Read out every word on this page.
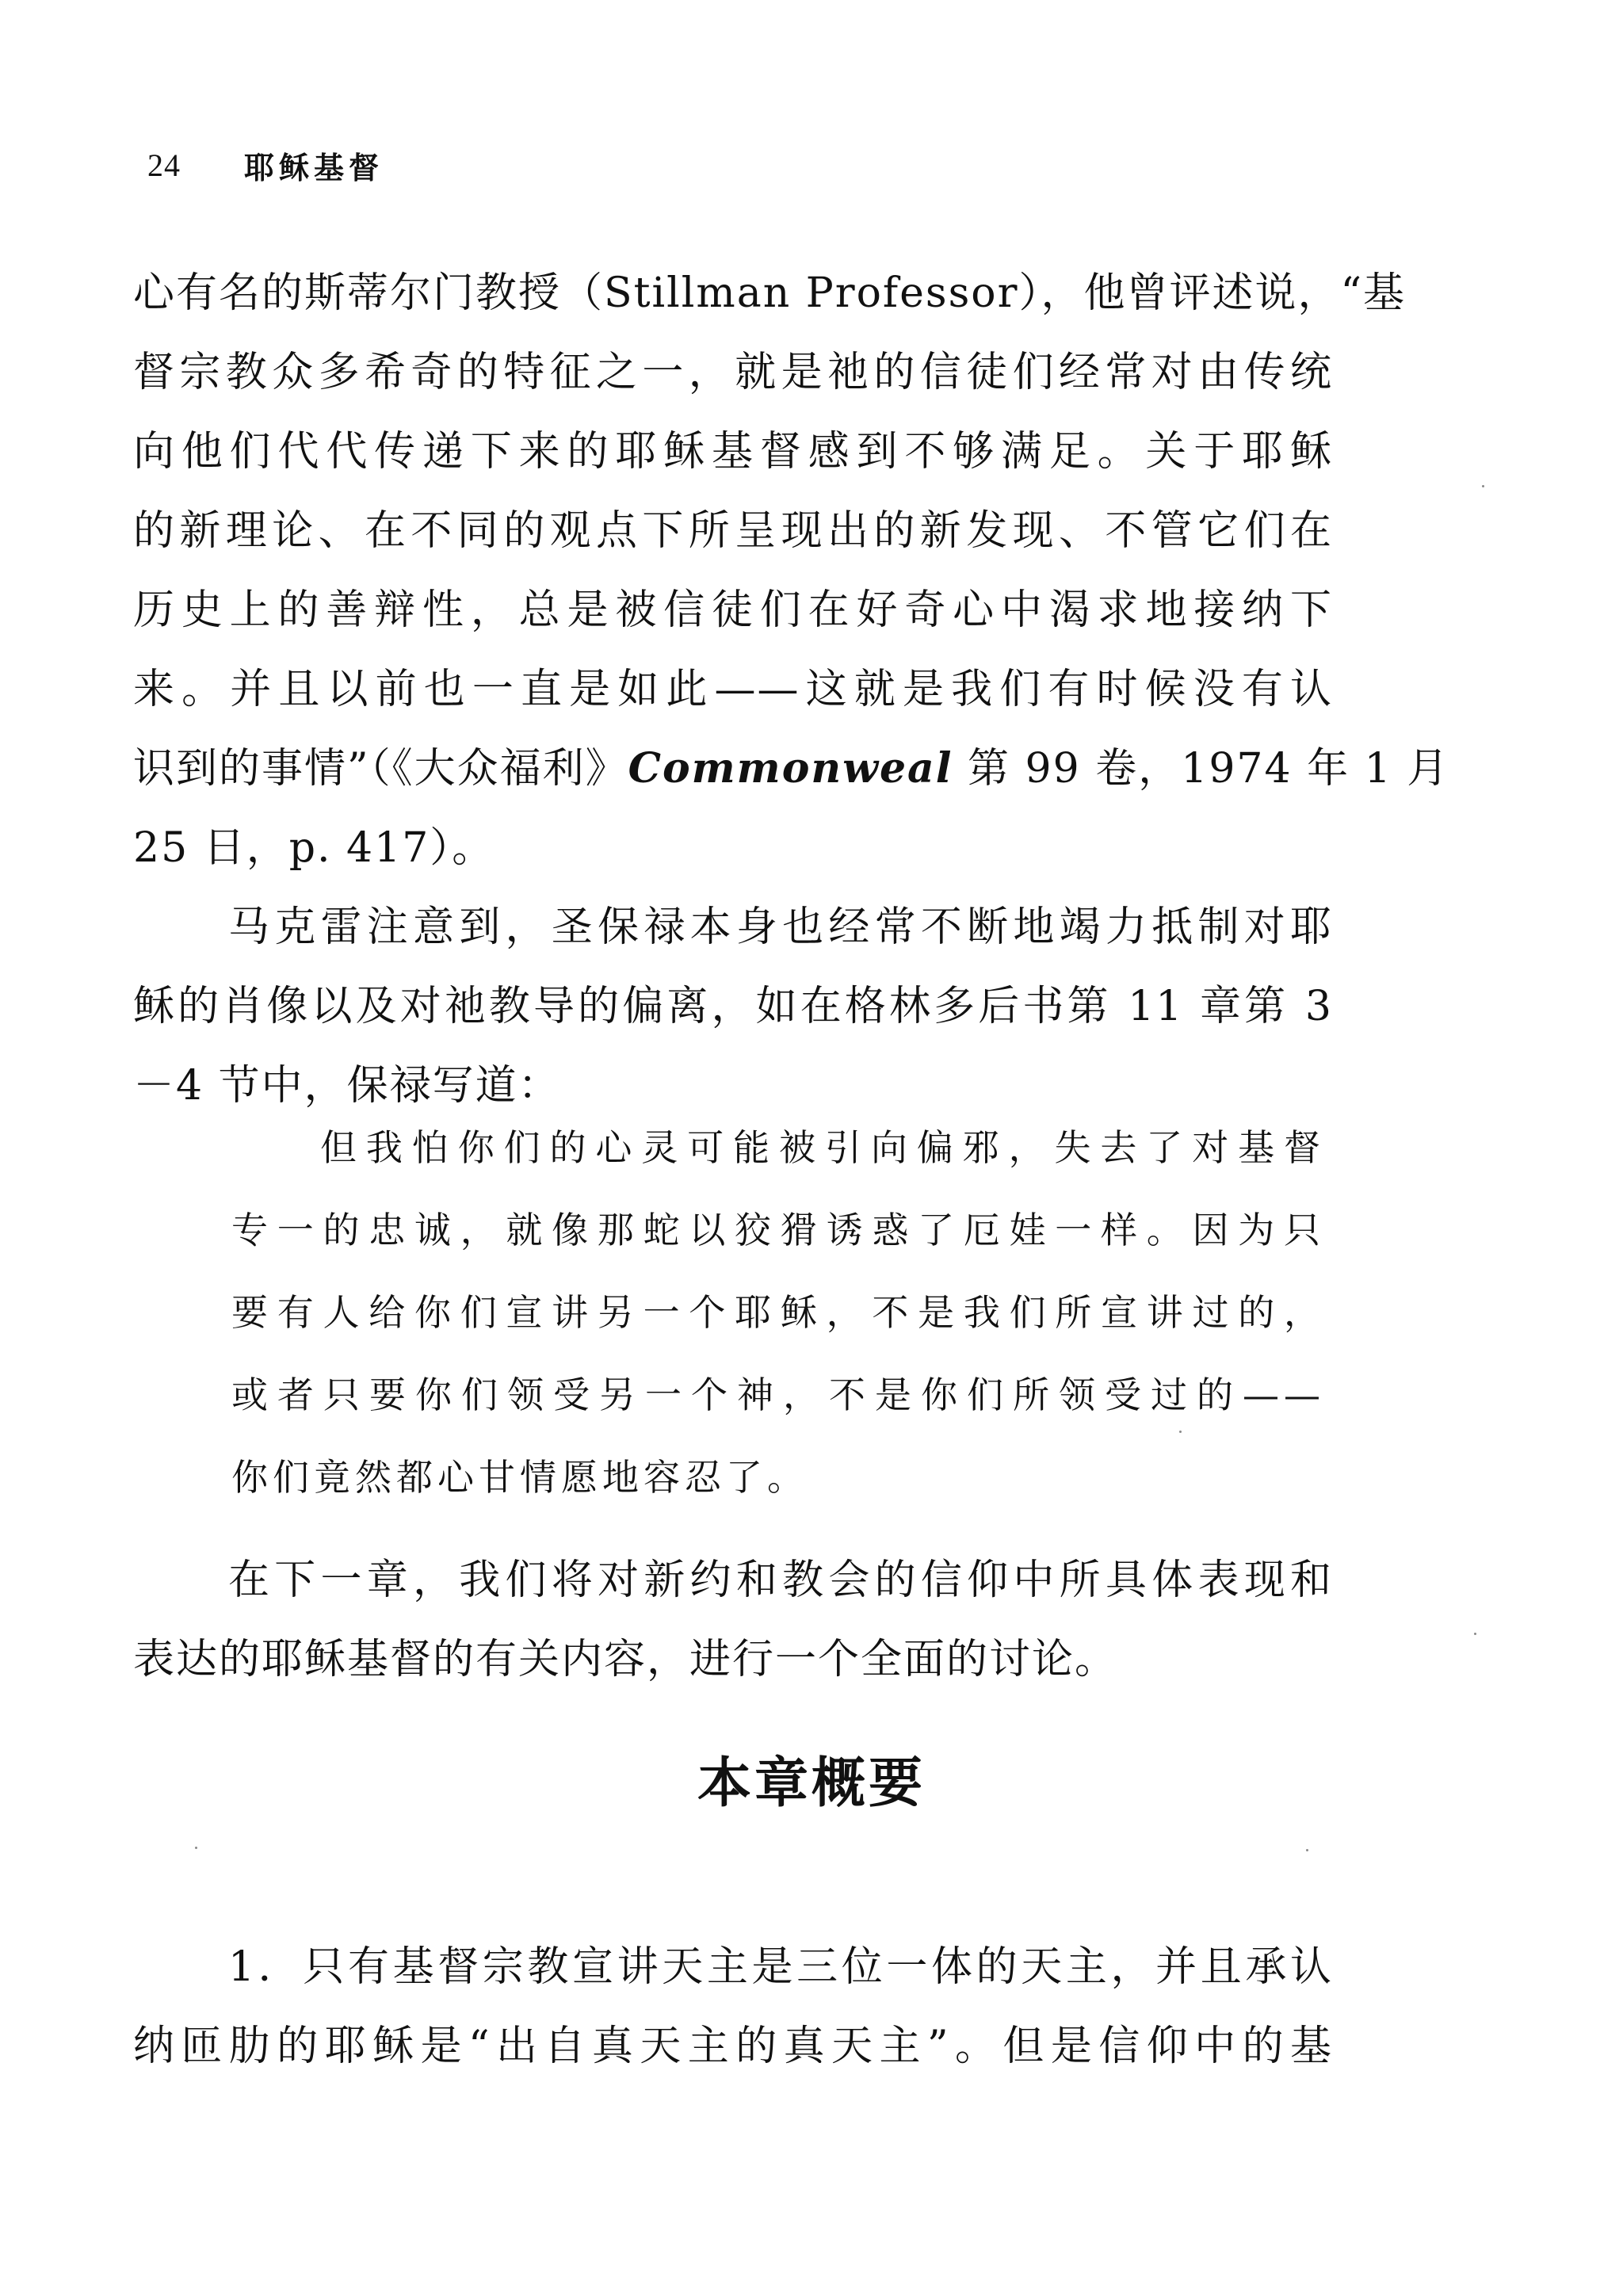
24 耶稣基督
心有名的斯蒂尔门教授（Stillman Professor），他曾评述说，“基
督宗教众多希奇的特征之一，就是祂的信徒们经常对由传统
向他们代代传递下来的耶稣基督感到不够满足。关于耶稣
的新理论、在不同的观点下所呈现出的新发现、不管它们在
历史上的善辩性，总是被信徒们在好奇心中渴求地接纳下
来。并且以前也一直是如此——这就是我们有时候没有认
识到的事情”（《大众福利》Commonweal 第 99 卷，1974 年 1 月
25 日，p. 417）。
马克雷注意到，圣保禄本身也经常不断地竭力抵制对耶
稣的肖像以及对祂教导的偏离，如在格林多后书第 11 章第 3
－4 节中，保禄写道：
但我怕你们的心灵可能被引向偏邪，失去了对基督
专一的忠诚，就像那蛇以狡猾诱惑了厄娃一样。因为只
要有人给你们宣讲另一个耶稣，不是我们所宣讲过的，
或者只要你们领受另一个神，不是你们所领受过的——
你们竟然都心甘情愿地容忍了。
在下一章，我们将对新约和教会的信仰中所具体表现和
表达的耶稣基督的有关内容，进行一个全面的讨论。
本章概要
1．只有基督宗教宣讲天主是三位一体的天主，并且承认
纳匝肋的耶稣是“出自真天主的真天主”。但是信仰中的基
